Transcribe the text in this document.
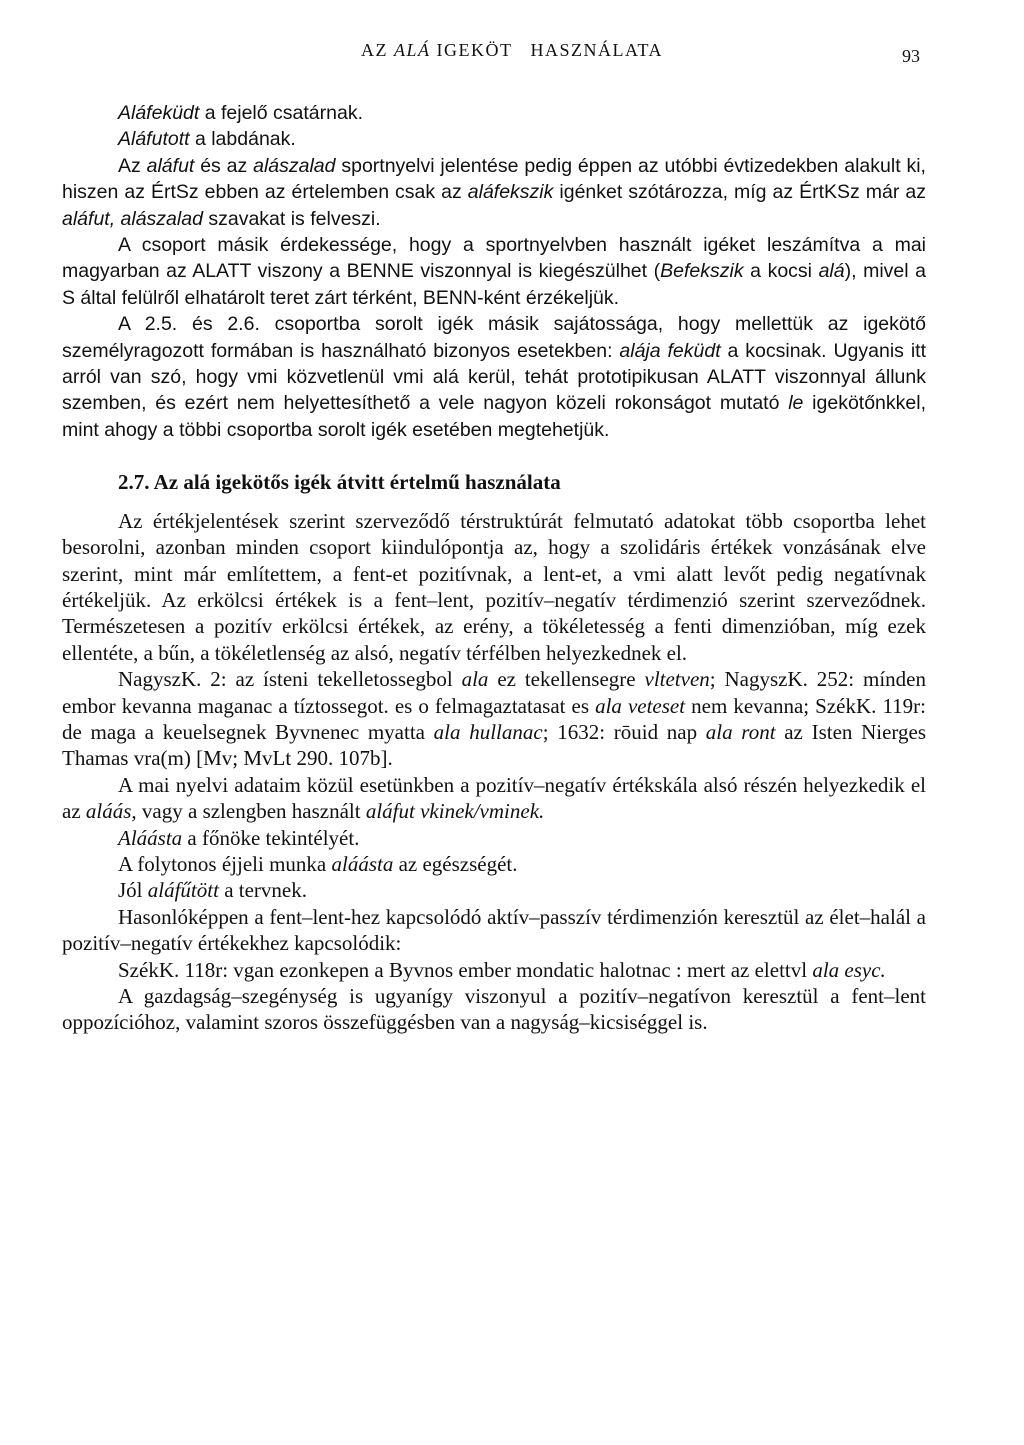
AZ ALÁ IGEKÖT HASZNÁLATA	93

Aláfeküdt a fejelő csatárnak.

Aláfutott a labdának.

Az aláfut és az alászalad sportnyelvi jelentése pedig éppen az utóbbi évtizedekben alakult ki, hiszen az ÉrtSz ebben az értelemben csak az aláfekszik igénket szótározza, míg az ÉrtKSz már az aláfut, alászalad szavakat is felveszi.

A csoport másik érdekessége, hogy a sportnyelvben használt igéket leszámítva a mai magyarban az ALATT viszony a BENNE viszonnyal is kiegészülhet (Befekszik a kocsi alá), mivel a S által felülről elhatárolt teret zárt térként, BENN-ként érzékeljük.

A 2.5. és 2.6. csoportba sorolt igék másik sajátossága, hogy mellettük az igekötő személyragozott formában is használható bizonyos esetekben: alája feküdt a kocsinak. Ugyanis itt arról van szó, hogy vmi közvetlenül vmi alá kerül, tehát prototipikusan ALATT viszonnyal állunk szemben, és ezért nem helyettesíthető a vele nagyon közeli rokonságot mutató le igekötőnkkel, mint ahogy a többi csoportba sorolt igék esetében megtehetjük.

2.7. Az alá igekötős igék átvitt értelmű használata

Az értékjelentések szerint szerveződő térstruktúrát felmutató adatokat több csoportba lehet besorolni, azonban minden csoport kiindulópontja az, hogy a szolidáris értékek vonzásának elve szerint, mint már említettem, a fent-et pozitívnak, a lent-et, a vmi alatt levőt pedig negatívnak értékeljük. Az erkölcsi értékek is a fent–lent, pozitív–negatív térdimenzió szerint szerveződnek. Természetesen a pozitív erkölcsi értékek, az erény, a tökéletesség a fenti dimenzióban, míg ezek ellentéte, a bűn, a tökéletlenség az alsó, negatív térfélben helyezkednek el.

NagyszK. 2: az ísteni tekelletossegbol ala ez tekellensegre vltetven; NagyszK. 252: mínden embor kevanna maganac a tíztossegot. es o felmagaztatasat es ala veteset nem kevanna; SzékK. 119r: de maga a keuelsegnek Byvnenec myatta ala hullanac; 1632: rōuid nap ala ront az Isten Nierges Thamas vra(m) [Mv; MvLt 290. 107b].

A mai nyelvi adataim közül esetünkben a pozitív–negatív értékskála alsó részén helyezkedik el az aláás, vagy a szlengben használt aláfut vkinek/vminek.

Aláásta a főnöke tekintélyét.

A folytonos éjjeli munka aláásta az egészségét.

Jól aláfűtött a tervnek.

Hasonlóképpen a fent–lent-hez kapcsolódó aktív–passzív térdimenzión keresztül az élet–halál a pozitív–negatív értékekhez kapcsolódik:

SzékK. 118r: vgan ezonkepen a Byvnos ember mondatic halotnac : mert az elettvl ala esyc.

A gazdagság–szegénység is ugyanígy viszonyul a pozitív–negatívon keresztül a fent–lent oppozícióhoz, valamint szoros összefüggésben van a nagyság–kicsiséggel is.
